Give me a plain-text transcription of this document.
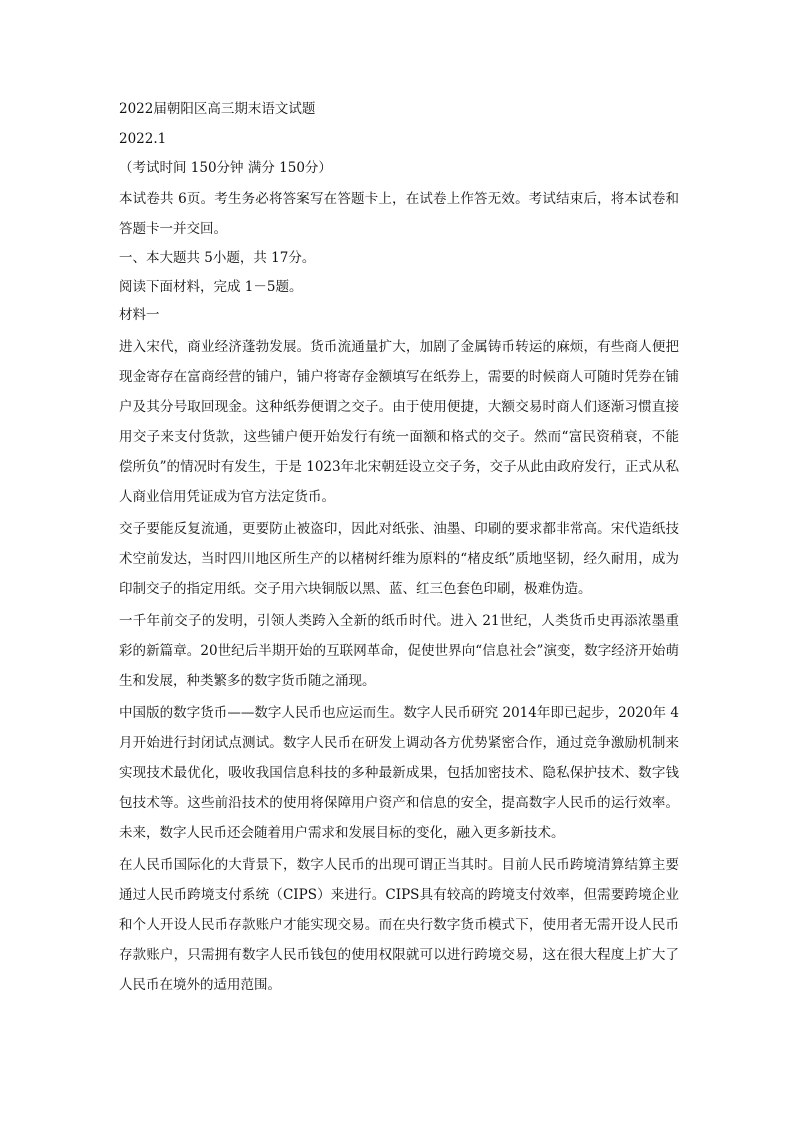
2022届朝阳区高三期末语文试题
2022.1
（考试时间 150分钟 满分 150分）
本试卷共 6页。考生务必将答案写在答题卡上，在试卷上作答无效。考试结束后，将本试卷和答题卡一并交回。
一、本大题共 5小题，共 17分。
阅读下面材料，完成 1－5题。
材料一
进入宋代，商业经济蓬勃发展。货币流通量扩大，加剧了金属铸币转运的麻烦，有些商人便把现金寄存在富商经营的铺户，铺户将寄存金额填写在纸券上，需要的时候商人可随时凭券在铺户及其分号取回现金。这种纸券便谓之交子。由于使用便捷，大额交易时商人们逐渐习惯直接用交子来支付货款，这些铺户便开始发行有统一面额和格式的交子。然而“富民资稍衰，不能偿所负”的情况时有发生，于是 1023年北宋朝廷设立交子务，交子从此由政府发行，正式从私人商业信用凭证成为官方法定货币。
交子要能反复流通，更要防止被盗印，因此对纸张、油墨、印刷的要求都非常高。宋代造纸技术空前发达，当时四川地区所生产的以楮树纤维为原料的“楮皮纸”质地坚韧，经久耐用，成为印制交子的指定用纸。交子用六块铜版以黑、蓝、红三色套色印刷，极难伪造。
一千年前交子的发明，引领人类跨入全新的纸币时代。进入 21世纪，人类货币史再添浓墨重彩的新篇章。20世纪后半期开始的互联网革命，促使世界向“信息社会”演变，数字经济开始萌生和发展，种类繁多的数字货币随之涌现。
中国版的数字货币——数字人民币也应运而生。数字人民币研究 2014年即已起步，2020年 4月开始进行封闭试点测试。数字人民币在研发上调动各方优势紧密合作，通过竞争激励机制来实现技术最优化，吸收我国信息科技的多种最新成果，包括加密技术、隐私保护技术、数字钱包技术等。这些前沿技术的使用将保障用户资产和信息的安全，提高数字人民币的运行效率。未来，数字人民币还会随着用户需求和发展目标的变化，融入更多新技术。
在人民币国际化的大背景下，数字人民币的出现可谓正当其时。目前人民币跨境清算结算主要通过人民币跨境支付系统（CIPS）来进行。CIPS具有较高的跨境支付效率，但需要跨境企业和个人开设人民币存款账户才能实现交易。而在央行数字货币模式下，使用者无需开设人民币存款账户，只需拥有数字人民币钱包的使用权限就可以进行跨境交易，这在很大程度上扩大了人民币在境外的适用范围。
